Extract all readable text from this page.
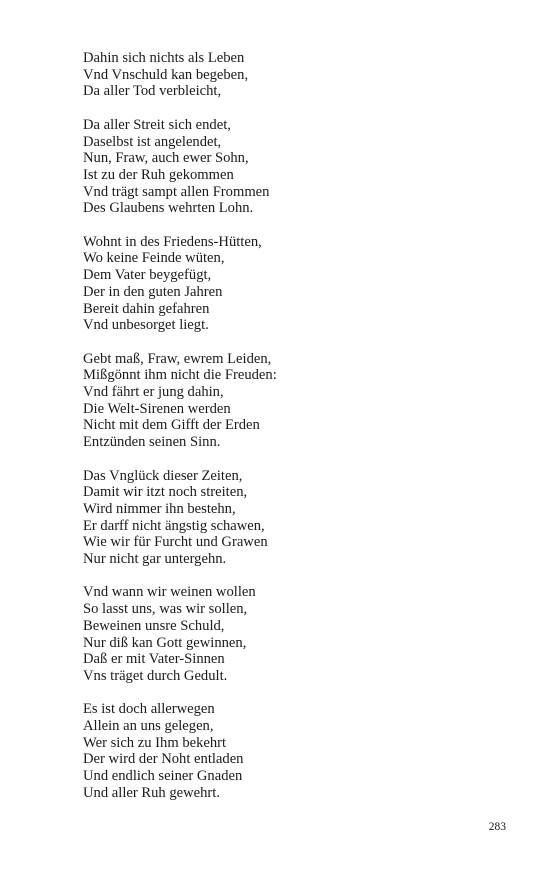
Dahin sich nichts als Leben
Vnd Vnschuld kan begeben,
Da aller Tod verbleicht,
Da aller Streit sich endet,
Daselbst ist angelendet,
Nun, Fraw, auch ewer Sohn,
Ist zu der Ruh gekommen
Vnd trägt sampt allen Frommen
Des Glaubens wehrten Lohn.
Wohnt in des Friedens-Hütten,
Wo keine Feinde wüten,
Dem Vater beygefügt,
Der in den guten Jahren
Bereit dahin gefahren
Vnd unbesorget liegt.
Gebt maß, Fraw, ewrem Leiden,
Mißgönnt ihm nicht die Freuden:
Vnd fährt er jung dahin,
Die Welt-Sirenen werden
Nicht mit dem Gifft der Erden
Entzünden seinen Sinn.
Das Vnglück dieser Zeiten,
Damit wir itzt noch streiten,
Wird nimmer ihn bestehn,
Er darff nicht ängstig schawen,
Wie wir für Furcht und Grawen
Nur nicht gar untergehn.
Vnd wann wir weinen wollen
So lasst uns, was wir sollen,
Beweinen unsre Schuld,
Nur diß kan Gott gewinnen,
Daß er mit Vater-Sinnen
Vns träget durch Gedult.
Es ist doch allerwegen
Allein an uns gelegen,
Wer sich zu Ihm bekehrt
Der wird der Noht entladen
Und endlich seiner Gnaden
Und aller Ruh gewehrt.
283
